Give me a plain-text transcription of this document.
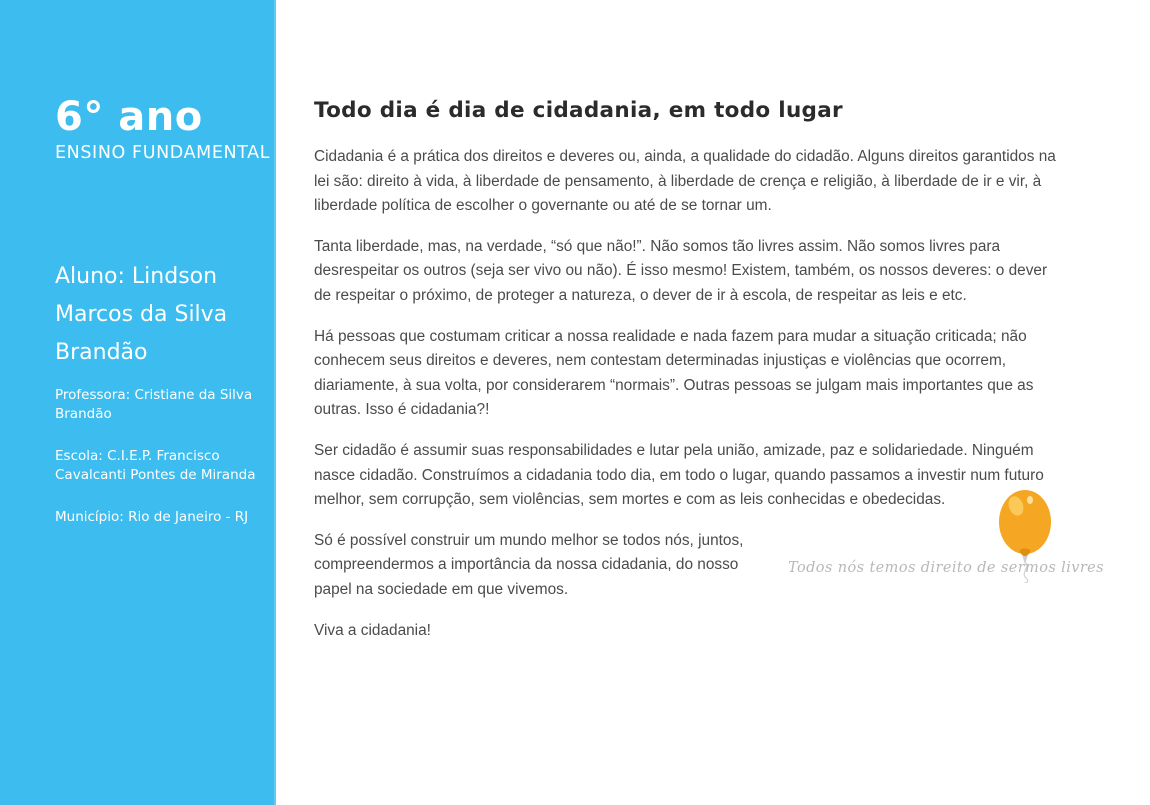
6° ano

ENSINO FUNDAMENTAL

Aluno: Lindson Marcos da Silva Brandão

Professora: Cristiane da Silva Brandão

Escola: C.I.E.P. Francisco Cavalcanti Pontes de Miranda

Município: Rio de Janeiro - RJ

Todo dia é dia de cidadania, em todo lugar

Cidadania é a prática dos direitos e deveres ou, ainda, a qualidade do cidadão. Alguns direitos garantidos na lei são: direito à vida, à liberdade de pensamento, à liberdade de crença e religião, à liberdade de ir e vir, à liberdade política de escolher o governante ou até de se tornar um.

Tanta liberdade, mas, na verdade, “só que não!”. Não somos tão livres assim. Não somos livres para desrespeitar os outros (seja ser vivo ou não). É isso mesmo! Existem, também, os nossos deveres: o dever de respeitar o próximo, de proteger a natureza, o dever de ir à escola, de respeitar as leis e etc.

Há pessoas que costumam criticar a nossa realidade e nada fazem para mudar a situação criticada; não conhecem seus direitos e deveres, nem contestam determinadas injustiças e violências que ocorrem, diariamente, à sua volta, por considerarem “normais”. Outras pessoas se julgam mais importantes que as outras. Isso é cidadania?!

Ser cidadão é assumir suas responsabilidades e lutar pela união, amizade, paz e solidariedade. Ninguém nasce cidadão. Construímos a cidadania todo dia, em todo o lugar, quando passamos a investir num futuro melhor, sem corrupção, sem violências, sem mortes e com as leis conhecidas e obedecidas.

Só é possível construir um mundo melhor se todos nós, juntos, compreendermos a importância da nossa cidadania, do nosso papel na sociedade em que vivemos.

Viva a cidadania!

Todos nós temos direito de sermos livres
